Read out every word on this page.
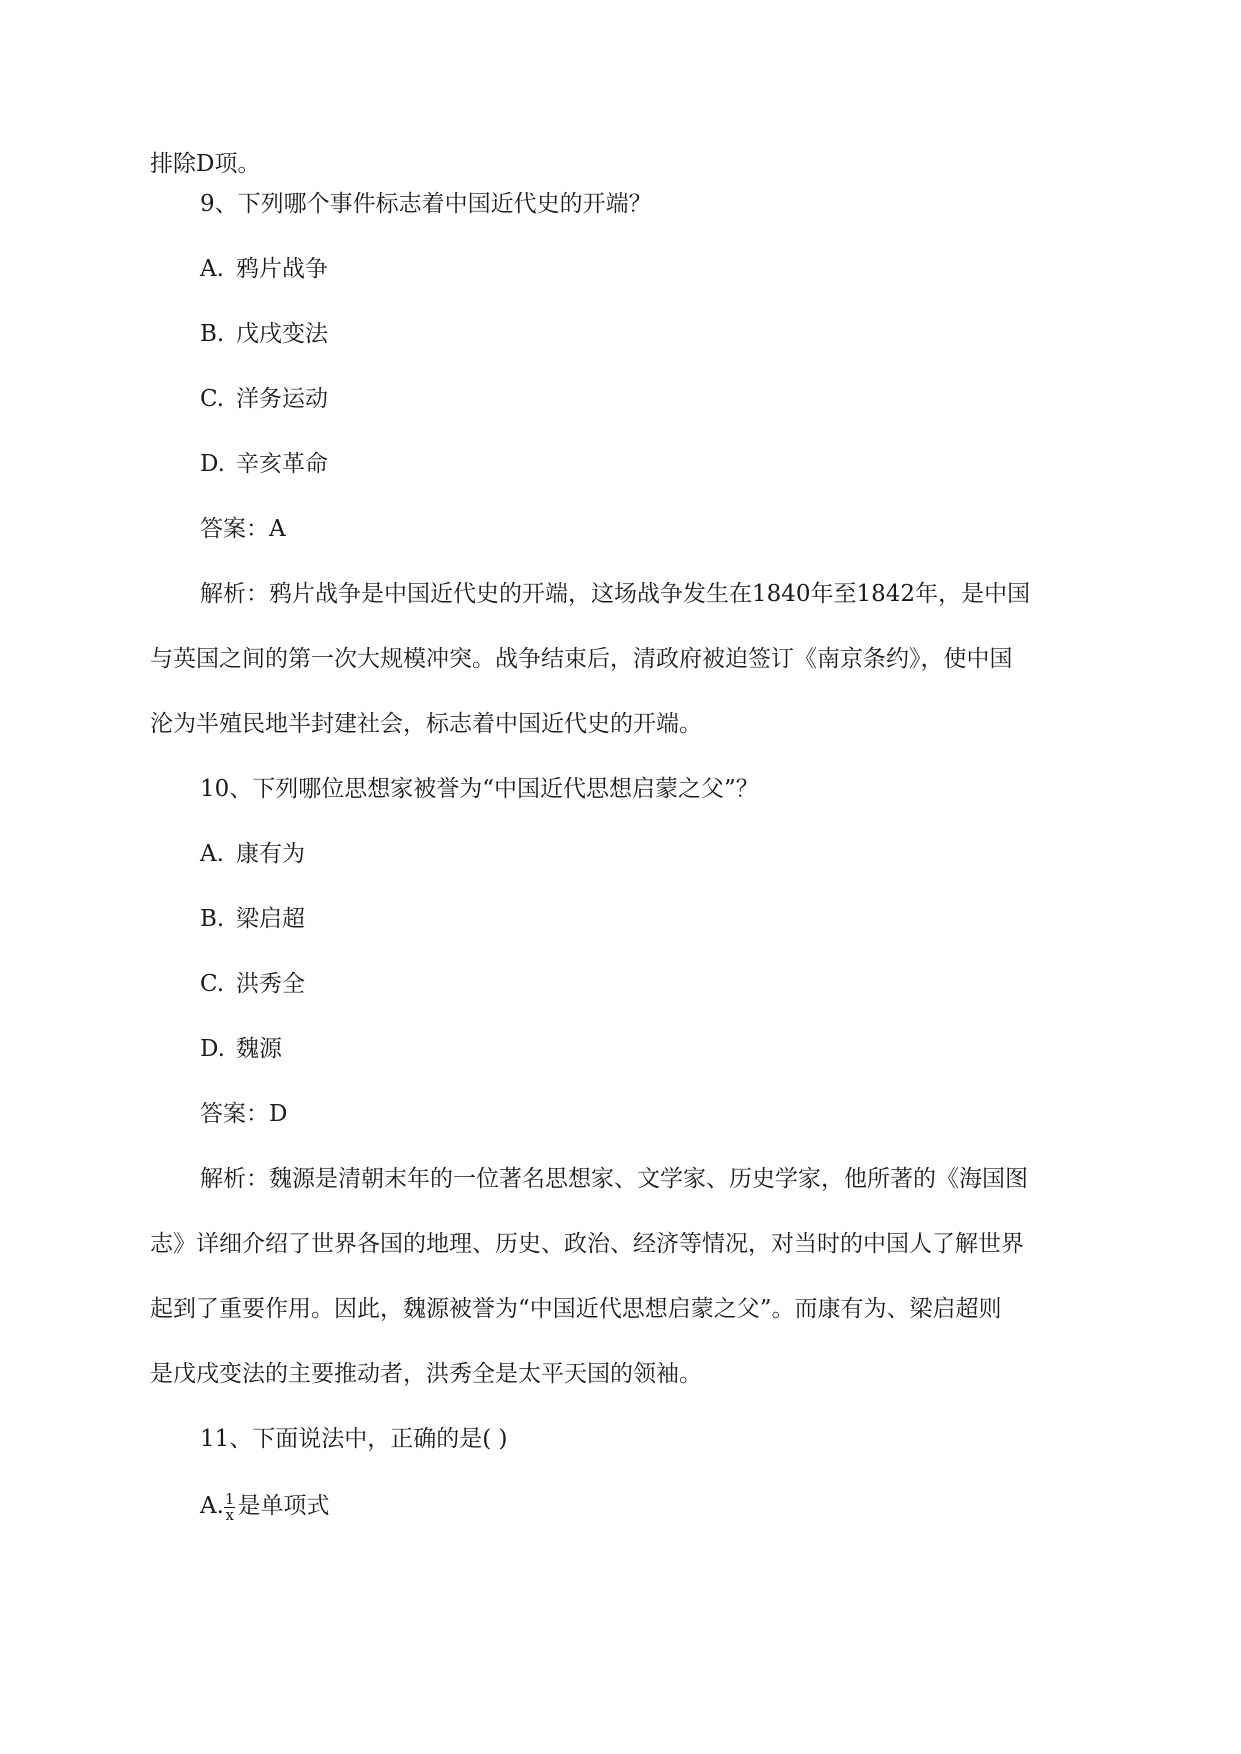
排除D项。
9、下列哪个事件标志着中国近代史的开端？
A. 鸦片战争
B. 戊戌变法
C. 洋务运动
D. 辛亥革命
答案：A
解析：鸦片战争是中国近代史的开端，这场战争发生在1840年至1842年，是中国
与英国之间的第一次大规模冲突。战争结束后，清政府被迫签订《南京条约》，使中国
沦为半殖民地半封建社会，标志着中国近代史的开端。
10、下列哪位思想家被誉为“中国近代思想启蒙之父”？
A. 康有为
B. 梁启超
C. 洪秀全
D. 魏源
答案：D
解析：魏源是清朝末年的一位著名思想家、文学家、历史学家，他所著的《海国图
志》详细介绍了世界各国的地理、历史、政治、经济等情况，对当时的中国人了解世界
起到了重要作用。因此，魏源被誉为“中国近代思想启蒙之父”。而康有为、梁启超则
是戊戌变法的主要推动者，洪秀全是太平天国的领袖。
11、下面说法中，正确的是( )
A. $\frac{1}{x}$ 是单项式
